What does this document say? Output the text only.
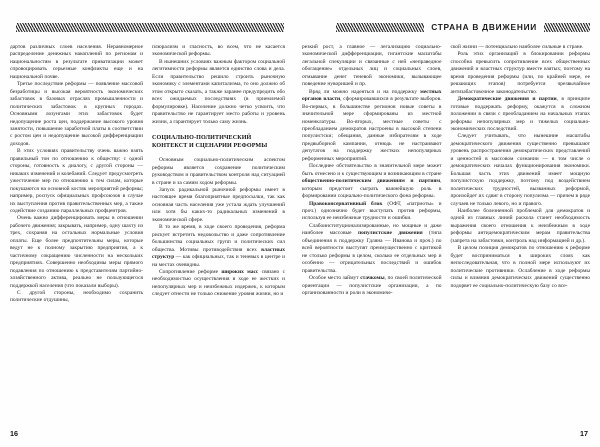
дартов различных слоев населения. Неравномерное распределение денежных накоплений по регионам и национальностям в результате приватизации может спровоцировать серьезные конфликты еще и на национальной почве.

Третье последствие реформы — появление массовой безработицы и высокая вероятность экономических забастовок в базовых отраслях промышленности и политических забастовок в крупных городах. Основными лозунгами этих забастовок будет недопущение роста цен, поддержание высокого уровня занятости, повышение заработной платы в соответствии с ростом цен и недопущение высокой дифференциации доходов.

В этих условиях правительству очень важно взять правильный тон по отношению к обществу: с одной стороны, готовность к диалогу, с другой стороны — никаких изменений и колебаний. Следует предусмотреть ужесточение мер по отношению к тем силам, которые покушаются на основной костяк мероприятий реформы; например, роспуск официальных профсоюзов в случае их выступления против правительственных мер, а также содействие созданию параллельных профцентров.

Очень важно дифференцировать меры в отношении рабочего движения; закрывать, например, одну шахту из трех, сохраняя на остальных нормальные условия оплаты. Еще более предпочтительны меры, которые ведут не к полному закрытию предприятия, а к частичному сокращению численности на нескольких предприятиях. Совершенно необходимы меры прямого подавления по отношению к представителям партийно-хозяйственного актива, реально не пользующегося поддержкой населения (что показали выборы).

С другой стороны, необходимо сохранить политические отдушины,

плюрализм и гласность, во всем, что не касается экономической реформы.

В нынешних условиях важным фактором социальной легитимности реформы является единство слова и дела. Если правительство решило строить рыночную экономику с элементами капитализма, то оно должно об этом открыто сказать, а также заранее предупредить обо всех ожидаемых последствиях (в приемлемой формулировке). Население должно четко усвоить, что правительство не гарантирует место работы и уровень жизни, а гарантирует только саму жизнь.

СОЦИАЛЬНО-ПОЛИТИЧЕСКИЙ КОНТЕКСТ И СЦЕНАРИИ РЕФОРМЫ

Основным социально-политическим аспектом реформы является сохранение политическим руководством и правительством контроля над ситуацией в стране и за самим ходом реформы.

Запуск радикальной рыночной реформы имеет в настоящее время благоприятные предпосылки, так как основная часть населения уже устала ждать улучшений или хотя бы каких-то радикальных изменений в экономической сфере.

В то же время, в ходе своего проведения, реформа рискует встретить недовольство и даже сопротивление большинства социальных групп и политических сил общества. Мотивы противодействия всех властных структур — как официальных, так и теневых в центре и на местах очевидны.

Сопротивление реформе широких масс связано с необходимостью осуществления в ходе ее жестких и непопулярных мер и неизбежных издержек, к которым следует отнести не только снижение уровня жизни, но и

16
СТРАНА В ДВИЖЕНИИ

резкий рост, а главное — легализацию социально-экономической дифференциации, гигантские масштабы легальной спекуляции и связанные с ней «неправедное обогащение» отдельных лиц и социальных слоев, отмывание денег теневой экономики, вызывающее поведение нуворишей и пр.

Вряд ли можно надеяться и на поддержку местных органов власти, сформировавшихся в результате выборов. Во-первых, в большинстве регионов новые советы в значительной мере сформированы из местной номенклатуры. Во-вторых, местные советы с преобладанием демократов настроены в высокой степени популистски; обещания, данные избирателям в ходе предвыборной кампании, отнюдь не настраивают депутатов на поддержку жестких непопулярных реформенных мероприятий.

Последнее обстоятельство в значительной мере может быть отнесено и к существующим и возникающим в стране общественно-политическим движениям и партиям, которым предстоит сыграть важнейшую роль в формировании социально-политического фона реформы.

Правоконсервативный блок (ОФТ, «патриоты» и проч.) однозначно будет выступать против реформы, используя ее неизбежные трудности и ошибки.

Слабоинституционализированные, но мощные и даже наиболее массовые популистские движения (типа объединения в поддержку Гдляна — Иванова и проч.) по всей вероятности выступят преимущественно с критикой не столько реформы в целом, сколько ее отдельных мер и особенно — отрицательных последствий и ошибок правительства.

Особое место займут стачкомы, по своей политической ориентации — популистские организации, а по организованности и роли в экономиче-

ской жизни — потенциально наиболее сильные в стране.

Роль этих организаций в блокировании реформы способна превысить сопротивление всех общественных движений и властных структур вместе взятых; поэтому на время проведения реформы (или, по крайней мере, ее решающих этапов) потребуется чрезвычайное антизабастовочное законодательство.

Демократические движения и партии, в принципе готовые поддержать реформу, окажутся в сложном положении в связи с преобладанием на начальных этапах реформы непопулярных мер и тяжелых социально-экономических последствий.

Следует учитывать, что нынешние масштабы демократического движения существенно превышают уровень распространения демократических представлений и ценностей в массовом сознании — в том числе о демократических началах функционирования экономики. Большая часть этих движений имеет мощную популистскую поддержку, поэтому под воздействием политических трудностей, вызванных реформой, произойдет их сдвиг в сторону популизма — причем в ряде случаев не только левого, но и правого.

Наиболее болезненной проблемой для демократов и одной из главных линий раскола станет необходимость выражения своего отношения к неизбежным в ходе реформы антидемократическим мерам правительства (запрета на забастовки, контроль над информацией и др.).

В целом позиция демократов по отношению к реформе будет восприниматься в широких слоях как непоследовательная, что в полной мере используют их политические противники. Ослабление в ходе реформы силы и влияния демократических движений существенно подорвет ее социально-политическую базу со все-

17
